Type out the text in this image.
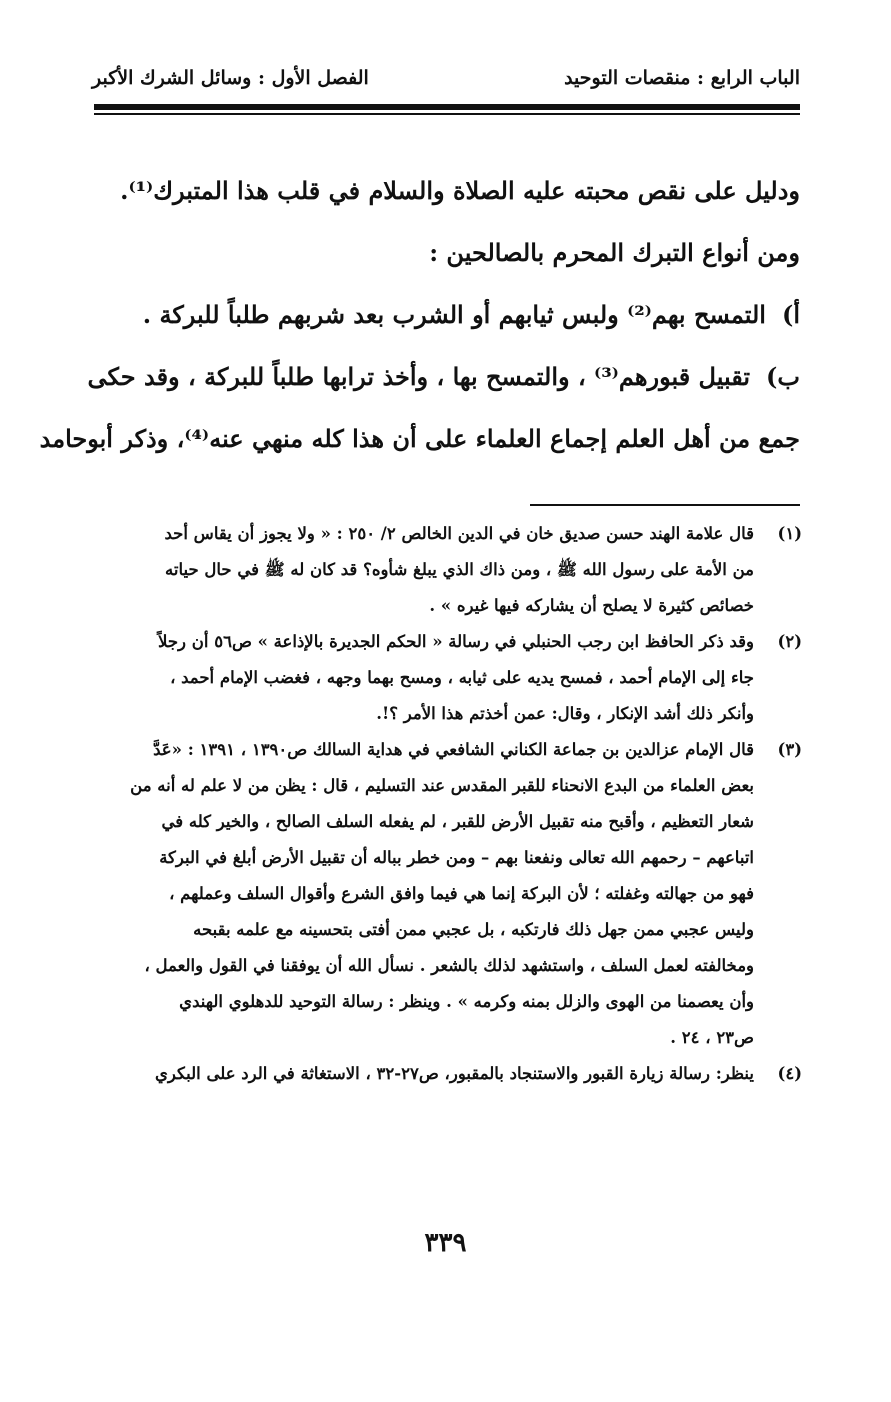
الباب الرابع : منقصات التوحيد
الفصل الأول : وسائل الشرك الأكبر
ودليل على نقص محبته عليه الصلاة والسلام في قلب هذا المتبرك⁽¹⁾.
ومن أنواع التبرك المحرم بالصالحين :
أ)التمسح بهم⁽²⁾ ولبس ثيابهم أو الشرب بعد شربهم طلباً للبركة .
ب)تقبيل قبورهم⁽³⁾ ، والتمسح بها ، وأخذ ترابها طلباً للبركة ، وقد حكى
جمع من أهل العلم إجماع العلماء على أن هذا كله منهي عنه⁽⁴⁾، وذكر أبوحامد
(١)قال علامة الهند حسن صديق خان في الدين الخالص ٢/ ٢٥٠ : « ولا يجوز أن يقاس أحد
من الأمة على رسول الله ﷺ ، ومن ذاك الذي يبلغ شأوه؟ قد كان له ﷺ في حال حياته
خصائص كثيرة لا يصلح أن يشاركه فيها غيره » .
(٢)وقد ذكر الحافظ ابن رجب الحنبلي في رسالة « الحكم الجديرة بالإذاعة » ص٥٦ أن رجلاً
جاء إلى الإمام أحمد ، فمسح يديه على ثيابه ، ومسح بهما وجهه ، فغضب الإمام أحمد ،
وأنكر ذلك أشد الإنكار ، وقال: عمن أخذتم هذا الأمر ؟!.
(٣)قال الإمام عزالدين بن جماعة الكناني الشافعي في هداية السالك ص١٣٩٠ ، ١٣٩١ : «عَدَّ
بعض العلماء من البدع الانحناء للقبر المقدس عند التسليم ، قال : يظن من لا علم له أنه من
شعار التعظيم ، وأقبح منه تقبيل الأرض للقبر ، لم يفعله السلف الصالح ، والخير كله في
اتباعهم – رحمهم الله تعالى ونفعنا بهم – ومن خطر بباله أن تقبيل الأرض أبلغ في البركة
فهو من جهالته وغفلته ؛ لأن البركة إنما هي فيما وافق الشرع وأقوال السلف وعملهم ،
وليس عجبي ممن جهل ذلك فارتكبه ، بل عجبي ممن أفتى بتحسينه مع علمه بقبحه
ومخالفته لعمل السلف ، واستشهد لذلك بالشعر . نسأل الله أن يوفقنا في القول والعمل ،
وأن يعصمنا من الهوى والزلل بمنه وكرمه » . وينظر : رسالة التوحيد للدهلوي الهندي
ص٢٣ ، ٢٤ .
(٤)ينظر: رسالة زيارة القبور والاستنجاد بالمقبور، ص٢٧-٣٢ ، الاستغاثة في الرد على البكري
٣٣٩
